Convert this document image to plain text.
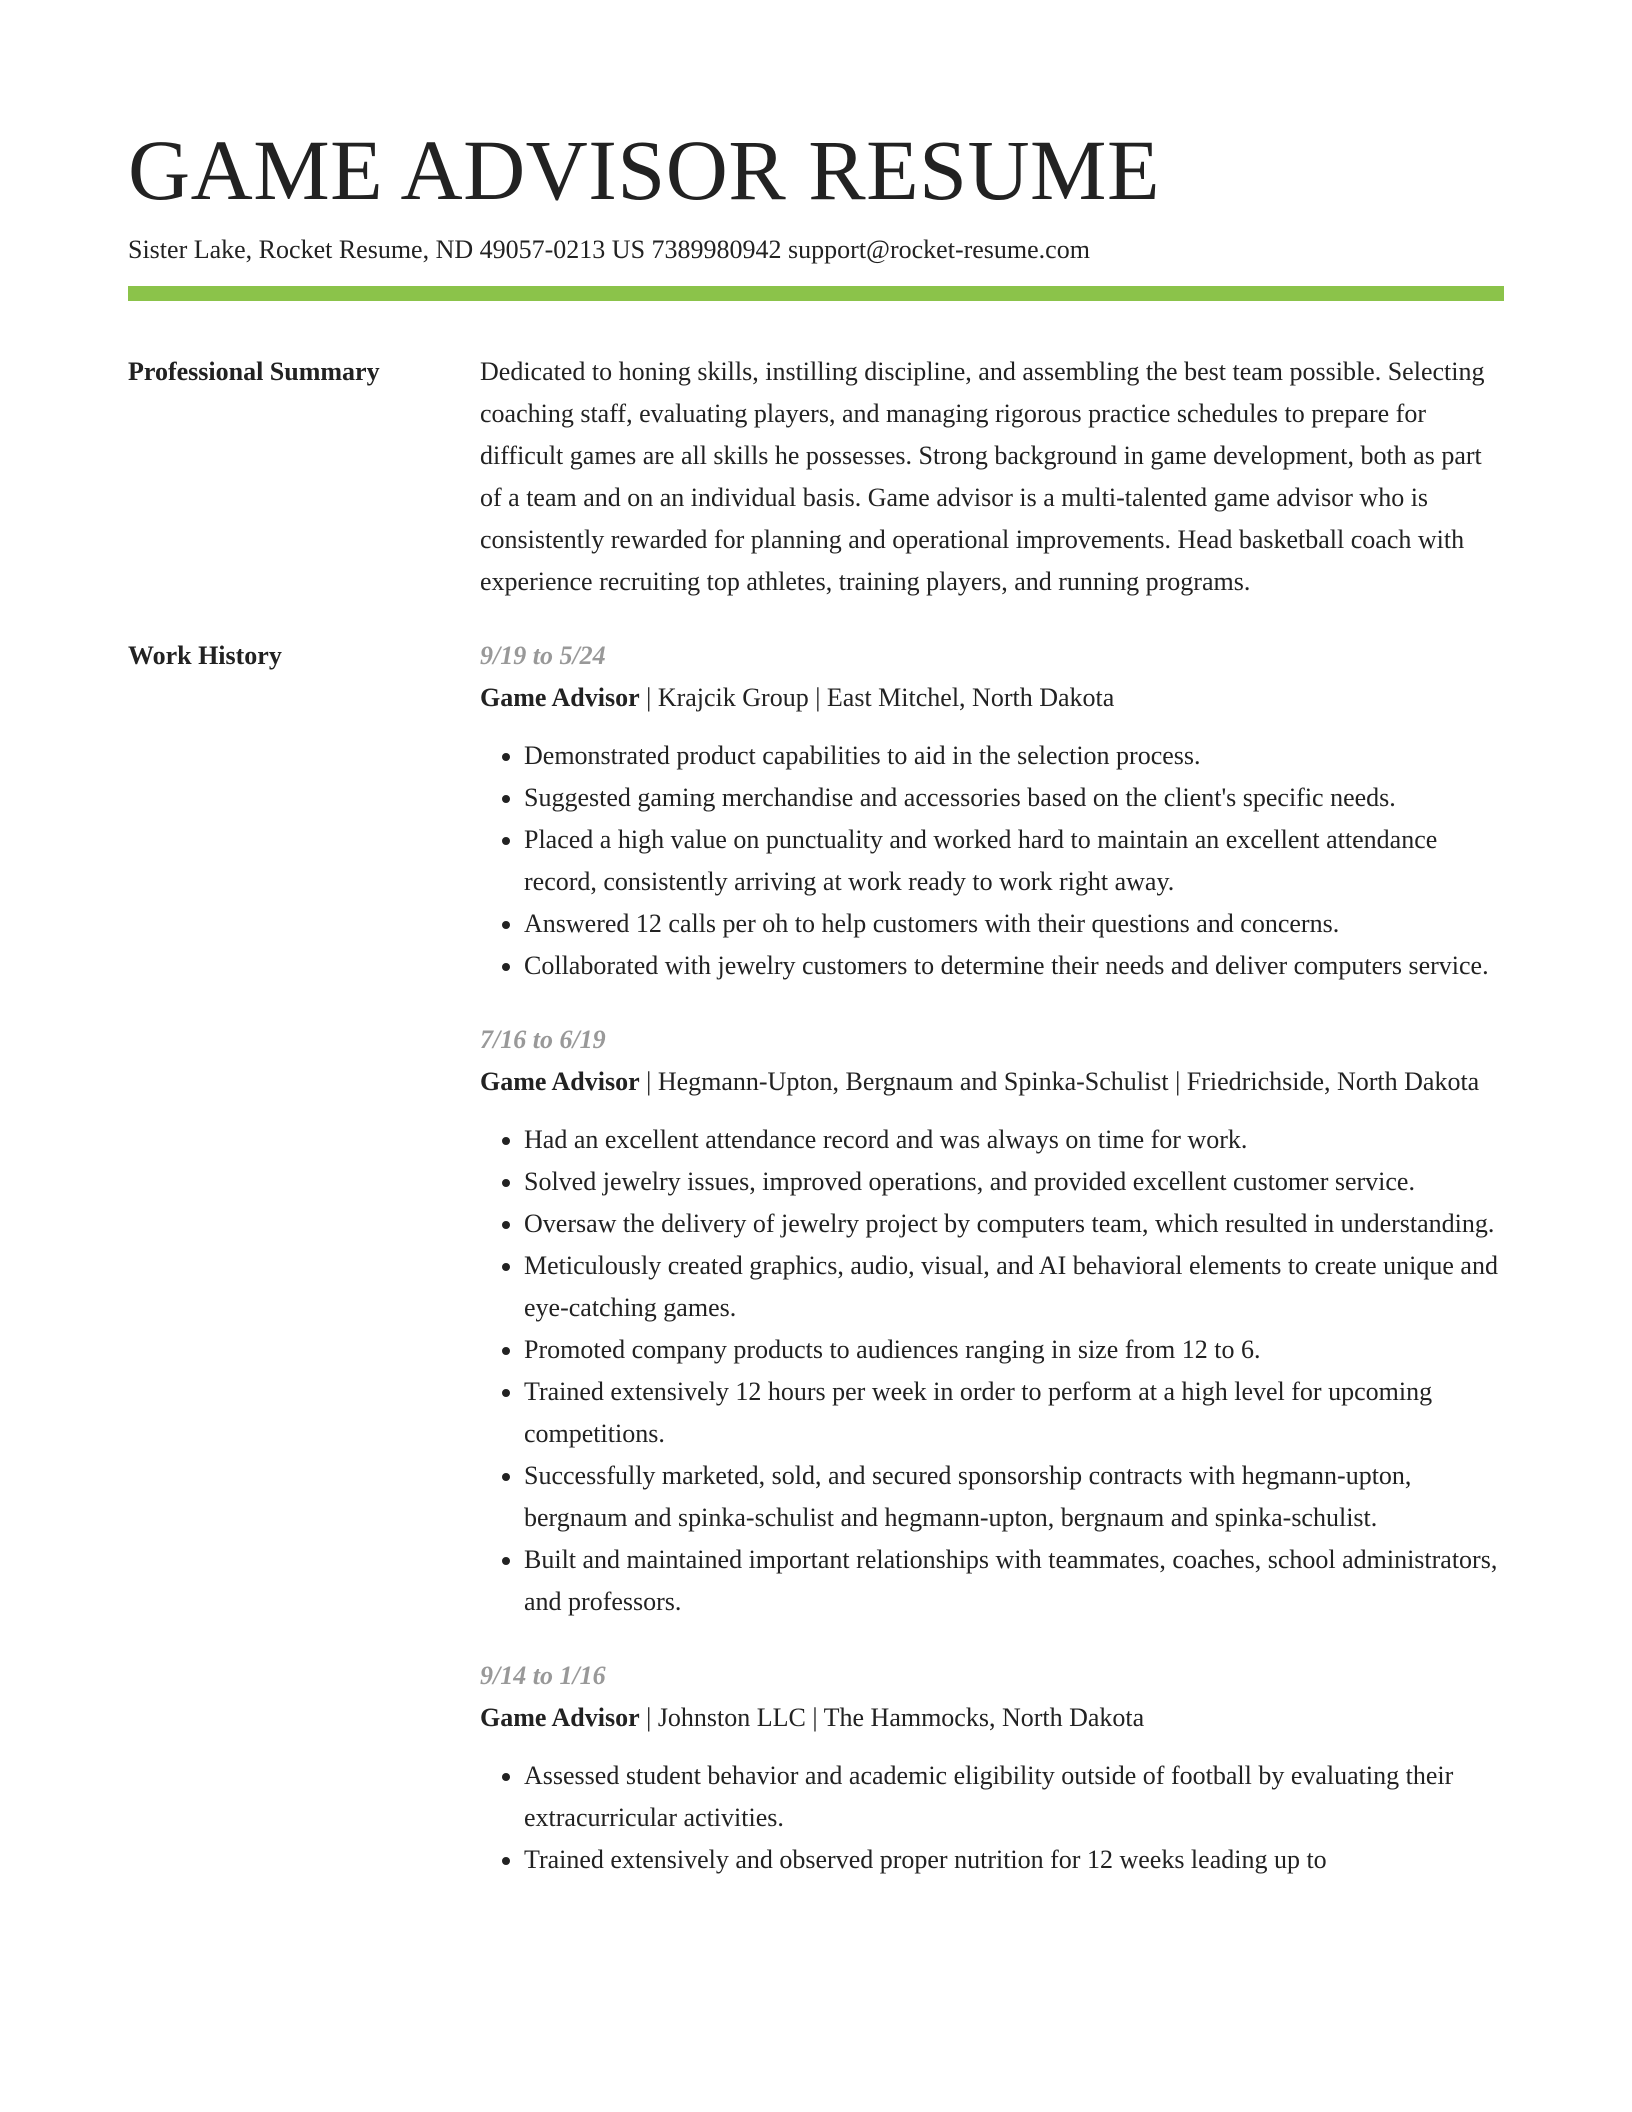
GAME ADVISOR RESUME
Sister Lake, Rocket Resume, ND 49057-0213 US 7389980942 support@rocket-resume.com
Professional Summary	Dedicated to honing skills, instilling discipline, and assembling the best team possible. Selecting coaching staff, evaluating players, and managing rigorous practice schedules to prepare for difficult games are all skills he possesses. Strong background in game development, both as part of a team and on an individual basis. Game advisor is a multi-talented game advisor who is consistently rewarded for planning and operational improvements. Head basketball coach with experience recruiting top athletes, training players, and running programs.

Work History	9/19 to 5/24
Game Advisor | Krajcik Group | East Mitchel, North Dakota
• Demonstrated product capabilities to aid in the selection process.
• Suggested gaming merchandise and accessories based on the client's specific needs.
• Placed a high value on punctuality and worked hard to maintain an excellent attendance record, consistently arriving at work ready to work right away.
• Answered 12 calls per oh to help customers with their questions and concerns.
• Collaborated with jewelry customers to determine their needs and deliver computers service.
7/16 to 6/19
Game Advisor | Hegmann-Upton, Bergnaum and Spinka-Schulist | Friedrichside, North Dakota
• Had an excellent attendance record and was always on time for work.
• Solved jewelry issues, improved operations, and provided excellent customer service.
• Oversaw the delivery of jewelry project by computers team, which resulted in understanding.
• Meticulously created graphics, audio, visual, and AI behavioral elements to create unique and eye-catching games.
• Promoted company products to audiences ranging in size from 12 to 6.
• Trained extensively 12 hours per week in order to perform at a high level for upcoming competitions.
• Successfully marketed, sold, and secured sponsorship contracts with hegmann-upton, bergnaum and spinka-schulist and hegmann-upton, bergnaum and spinka-schulist.
• Built and maintained important relationships with teammates, coaches, school administrators, and professors.
9/14 to 1/16
Game Advisor | Johnston LLC | The Hammocks, North Dakota
• Assessed student behavior and academic eligibility outside of football by evaluating their extracurricular activities.
• Trained extensively and observed proper nutrition for 12 weeks leading up to
